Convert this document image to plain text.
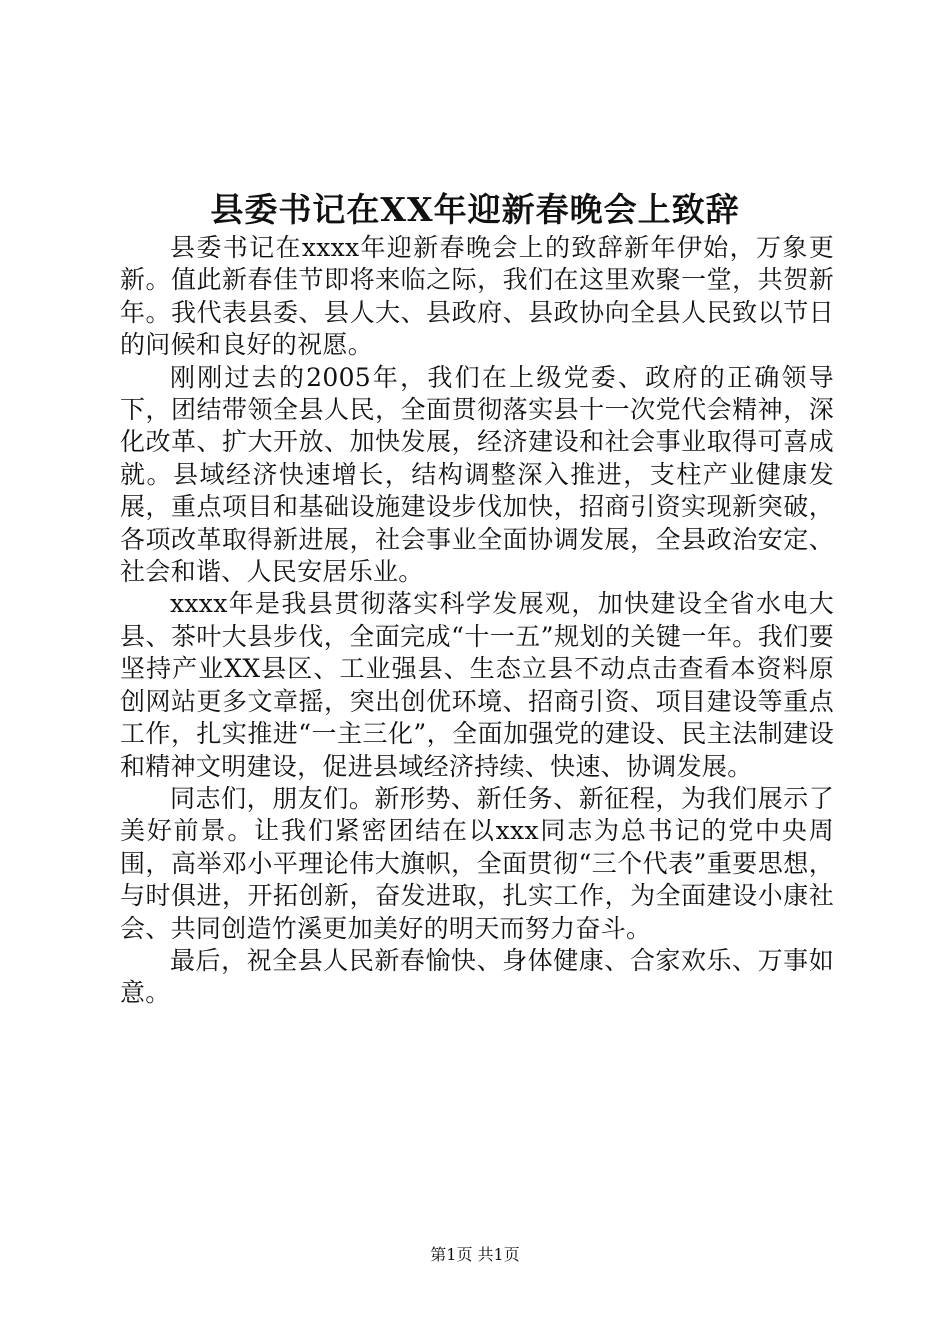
县委书记在XX年迎新春晚会上致辞

县委书记在xxxx年迎新春晚会上的致辞新年伊始，万象更新。值此新春佳节即将来临之际，我们在这里欢聚一堂，共贺新年。我代表县委、县人大、县政府、县政协向全县人民致以节日的问候和良好的祝愿。

刚刚过去的2005年，我们在上级党委、政府的正确领导下，团结带领全县人民，全面贯彻落实县十一次党代会精神，深化改革、扩大开放、加快发展，经济建设和社会事业取得可喜成就。县域经济快速增长，结构调整深入推进，支柱产业健康发展，重点项目和基础设施建设步伐加快，招商引资实现新突破，各项改革取得新进展，社会事业全面协调发展，全县政治安定、社会和谐、人民安居乐业。

xxxx年是我县贯彻落实科学发展观，加快建设全省水电大县、茶叶大县步伐，全面完成“十一五”规划的关键一年。我们要坚持产业XX县区、工业强县、生态立县不动点击查看本资料原创网站更多文章摇，突出创优环境、招商引资、项目建设等重点工作，扎实推进“一主三化”，全面加强党的建设、民主法制建设和精神文明建设，促进县域经济持续、快速、协调发展。

同志们，朋友们。新形势、新任务、新征程，为我们展示了美好前景。让我们紧密团结在以xxx同志为总书记的党中央周围，高举邓小平理论伟大旗帜，全面贯彻“三个代表”重要思想，与时俱进，开拓创新，奋发进取，扎实工作，为全面建设小康社会、共同创造竹溪更加美好的明天而努力奋斗。

最后，祝全县人民新春愉快、身体健康、合家欢乐、万事如意。

第1页 共1页
